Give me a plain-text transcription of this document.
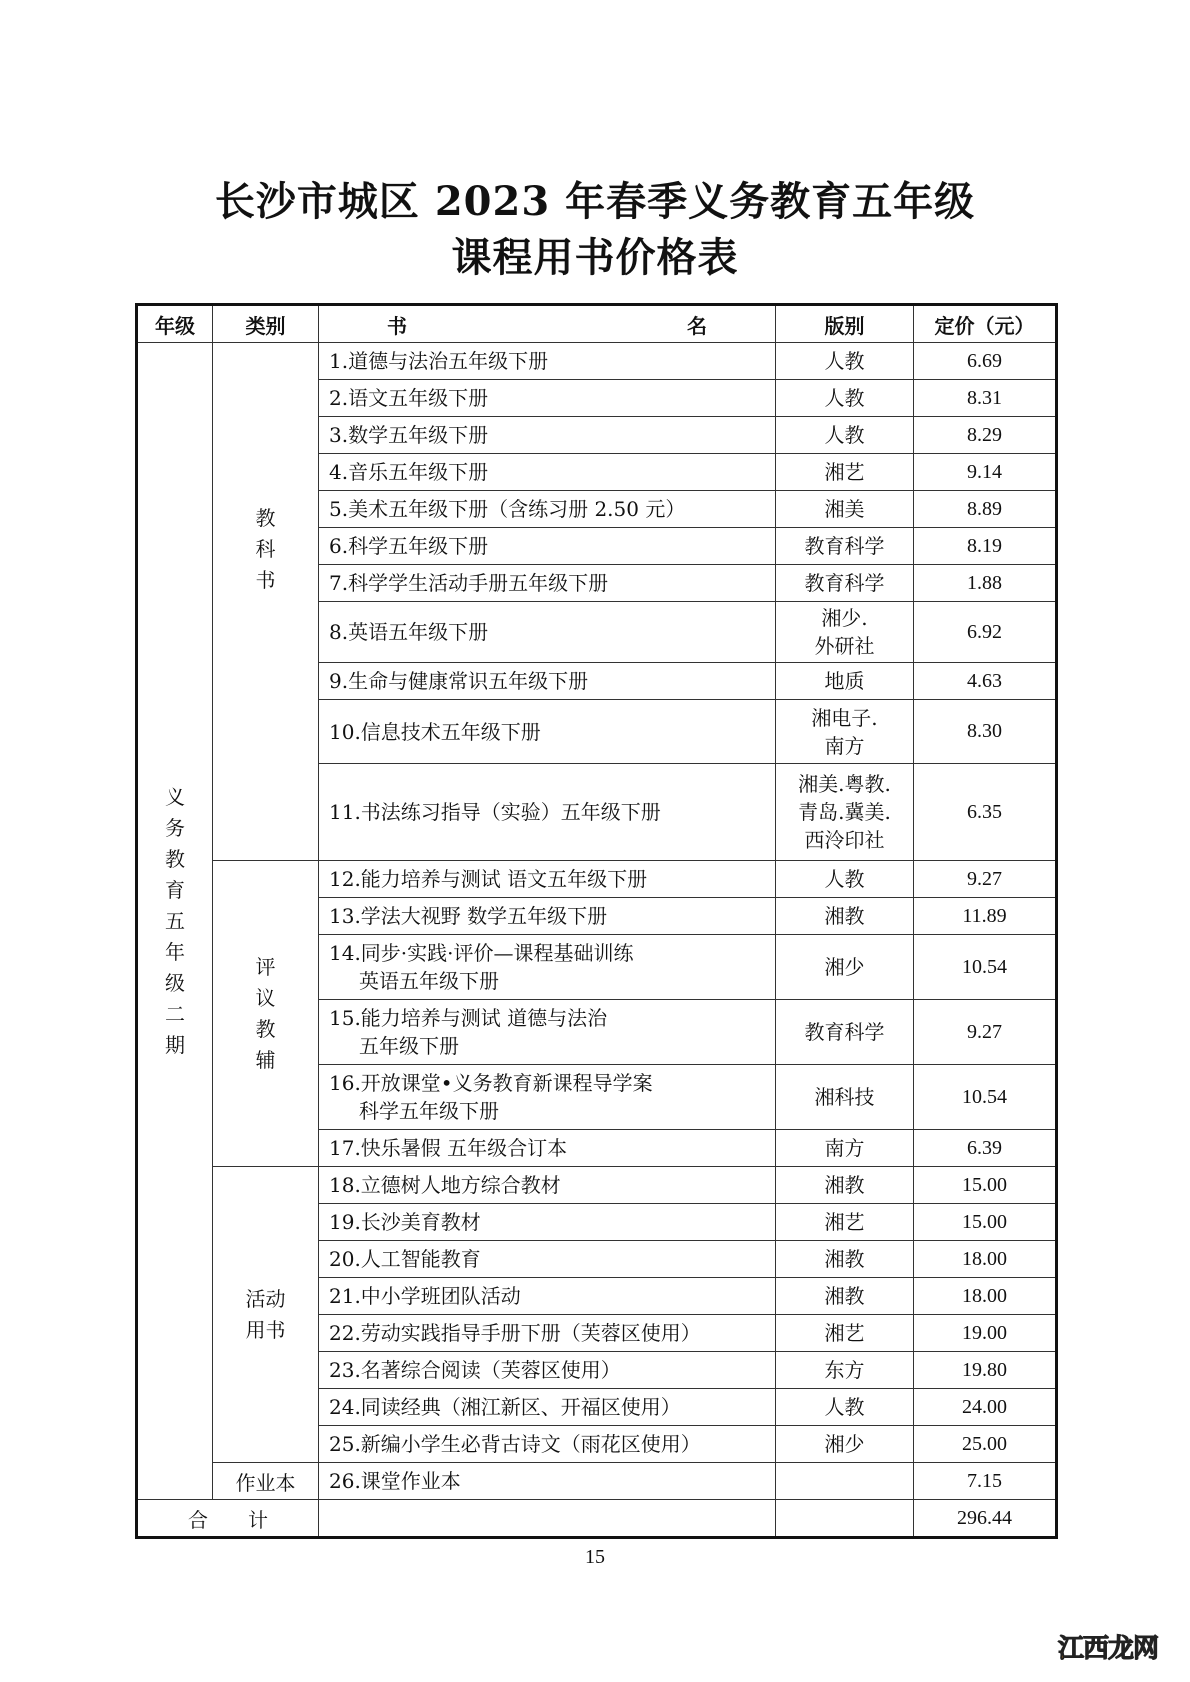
长沙市城区 2023 年春季义务教育五年级
课程用书价格表
年级	类别	书 名	版别	定价（元）
义务教育五年级二期	教科书	1.道德与法治五年级下册	人教	6.69
		2.语文五年级下册	人教	8.31
		3.数学五年级下册	人教	8.29
		4.音乐五年级下册	湘艺	9.14
		5.美术五年级下册（含练习册 2.50 元）	湘美	8.89
		6.科学五年级下册	教育科学	8.19
		7.科学学生活动手册五年级下册	教育科学	1.88
		8.英语五年级下册	湘少.
外研社	6.92
		9.生命与健康常识五年级下册	地质	4.63
		10.信息技术五年级下册	湘电子.
南方	8.30
		11.书法练习指导（实验）五年级下册	湘美.粤教.
青岛.冀美.
西泠印社	6.35
	评议教辅	12.能力培养与测试 语文五年级下册	人教	9.27
		13.学法大视野 数学五年级下册	湘教	11.89

		14.同步·实践·评价—课程基础训练
英语五年级下册	湘少	10.54

		15.能力培养与测试 道德与法治
五年级下册	教育科学	9.27

		16.开放课堂•义务教育新课程导学案
科学五年级下册	湘科技	10.54
		17.快乐暑假 五年级合订本	南方	6.39
	活动用书	18.立德树人地方综合教材	湘教	15.00
		19.长沙美育教材	湘艺	15.00
		20.人工智能教育	湘教	18.00
		21.中小学班团队活动	湘教	18.00
		22.劳动实践指导手册下册（芙蓉区使用）	湘艺	19.00
		23.名著综合阅读（芙蓉区使用）	东方	19.80
		24.同读经典（湘江新区、开福区使用）	人教	24.00
		25.新编小学生必背古诗文（雨花区使用）	湘少	25.00
	作业本	26.课堂作业本		7.15
合计				296.44
15
江西龙网
